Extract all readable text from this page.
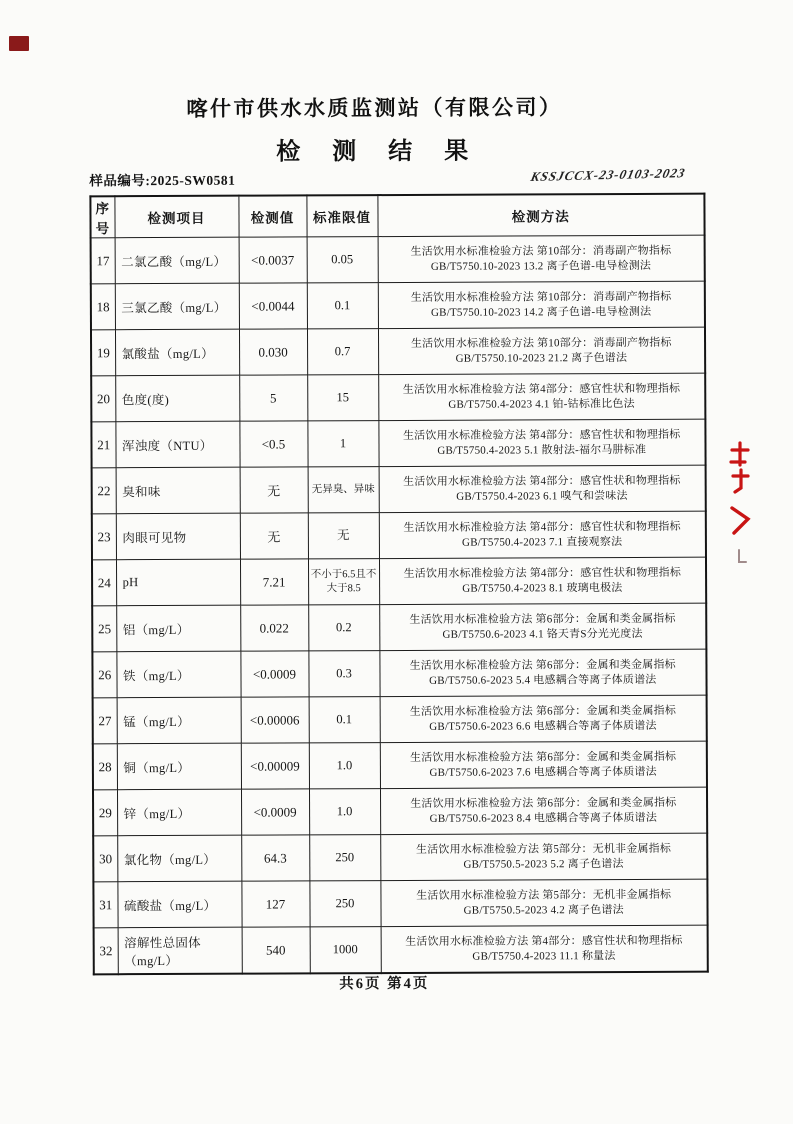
喀什市供水水质监测站（有限公司）
检 测 结 果
样品编号:2025-SW0581	KSSJCCX-23-0103-2023
序号	检测项目	检测值	标准限值	检测方法
17	二氯乙酸（mg/L）	<0.0037	0.05	生活饮用水标准检验方法 第10部分：消毒副产物指标 GB/T5750.10-2023 13.2 离子色谱-电导检测法
18	三氯乙酸（mg/L）	<0.0044	0.1	生活饮用水标准检验方法 第10部分：消毒副产物指标 GB/T5750.10-2023 14.2 离子色谱-电导检测法
19	氯酸盐（mg/L）	0.030	0.7	生活饮用水标准检验方法 第10部分：消毒副产物指标 GB/T5750.10-2023 21.2 离子色谱法
20	色度(度)	5	15	生活饮用水标准检验方法 第4部分：感官性状和物理指标 GB/T5750.4-2023 4.1 铂-钴标准比色法
21	浑浊度（NTU）	<0.5	1	生活饮用水标准检验方法 第4部分：感官性状和物理指标 GB/T5750.4-2023 5.1 散射法-福尔马肼标准
22	臭和味	无	无异臭、异味	生活饮用水标准检验方法 第4部分：感官性状和物理指标 GB/T5750.4-2023 6.1 嗅气和尝味法
23	肉眼可见物	无	无	生活饮用水标准检验方法 第4部分：感官性状和物理指标 GB/T5750.4-2023 7.1 直接观察法
24	pH	7.21	不小于6.5且不大于8.5	生活饮用水标准检验方法 第4部分：感官性状和物理指标 GB/T5750.4-2023 8.1 玻璃电极法
25	铝（mg/L）	0.022	0.2	生活饮用水标准检验方法 第6部分：金属和类金属指标 GB/T5750.6-2023 4.1 铬天青S分光光度法
26	铁（mg/L）	<0.0009	0.3	生活饮用水标准检验方法 第6部分：金属和类金属指标 GB/T5750.6-2023 5.4 电感耦合等离子体质谱法
27	锰（mg/L）	<0.00006	0.1	生活饮用水标准检验方法 第6部分：金属和类金属指标 GB/T5750.6-2023 6.6 电感耦合等离子体质谱法
28	铜（mg/L）	<0.00009	1.0	生活饮用水标准检验方法 第6部分：金属和类金属指标 GB/T5750.6-2023 7.6 电感耦合等离子体质谱法
29	锌（mg/L）	<0.0009	1.0	生活饮用水标准检验方法 第6部分：金属和类金属指标 GB/T5750.6-2023 8.4 电感耦合等离子体质谱法
30	氯化物（mg/L）	64.3	250	生活饮用水标准检验方法 第5部分：无机非金属指标 GB/T5750.5-2023 5.2 离子色谱法
31	硫酸盐（mg/L）	127	250	生活饮用水标准检验方法 第5部分：无机非金属指标 GB/T5750.5-2023 4.2 离子色谱法
32	溶解性总固体（mg/L）	540	1000	生活饮用水标准检验方法 第4部分：感官性状和物理指标 GB/T5750.4-2023 11.1 称量法
共6页 第4页
